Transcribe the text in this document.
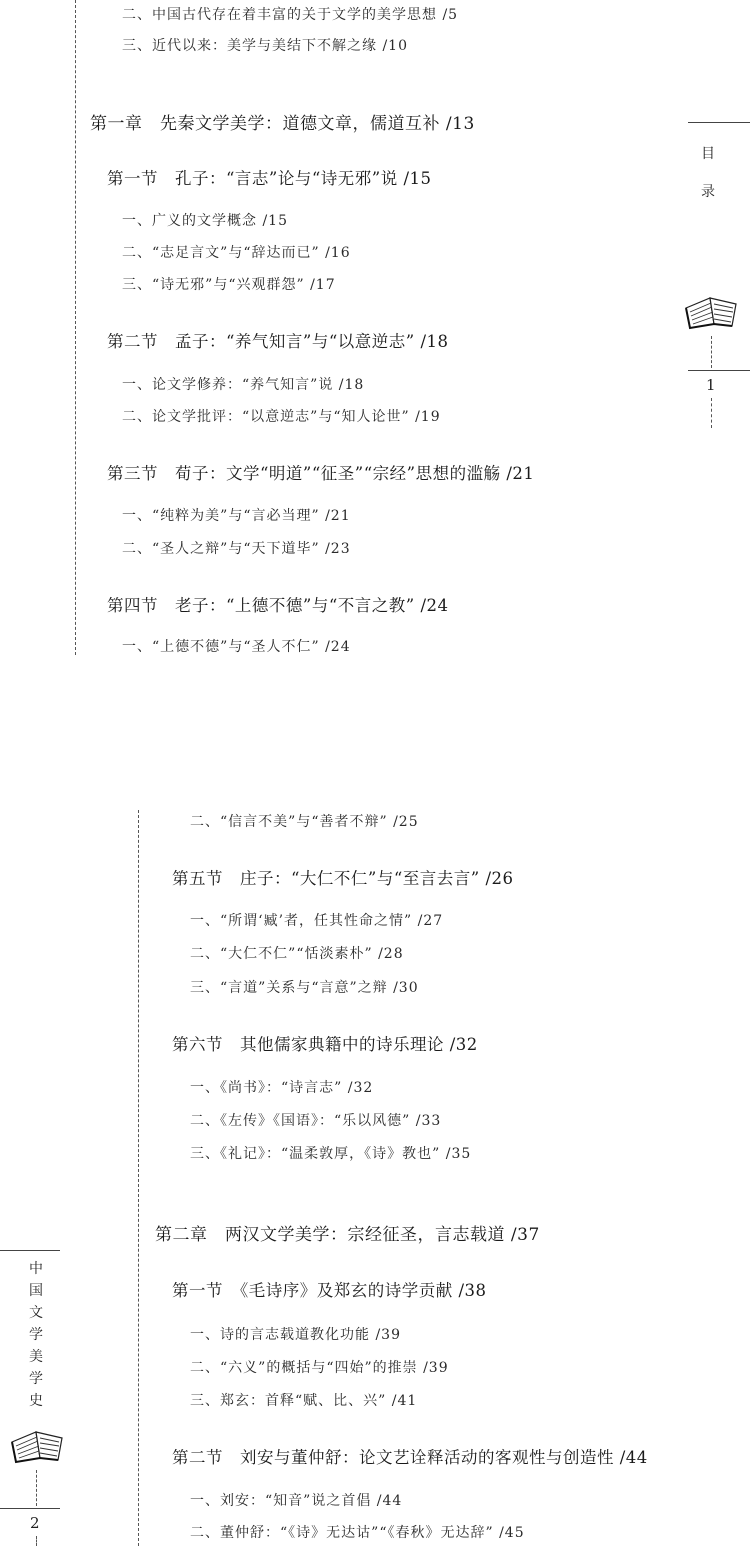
二、中国古代存在着丰富的关于文学的美学思想 /5
三、近代以来：美学与美结下不解之缘 /10
第一章　先秦文学美学：道德文章，儒道互补 /13
第一节　孔子：“言志”论与“诗无邪”说 /15
一、广义的文学概念 /15
二、“志足言文”与“辞达而已” /16
三、“诗无邪”与“兴观群怨” /17
第二节　孟子：“养气知言”与“以意逆志” /18
一、论文学修养：“养气知言”说 /18
二、论文学批评：“以意逆志”与“知人论世” /19
第三节　荀子：文学“明道”“征圣”“宗经”思想的滥觞 /21
一、“纯粹为美”与“言必当理” /21
二、“圣人之辩”与“天下道毕” /23
第四节　老子：“上德不德”与“不言之教” /24
一、“上德不德”与“圣人不仁” /24
目
录
1
二、“信言不美”与“善者不辩” /25
第五节　庄子：“大仁不仁”与“至言去言” /26
一、“所谓‘臧’者，任其性命之情” /27
二、“大仁不仁”“恬淡素朴” /28
三、“言道”关系与“言意”之辩 /30
第六节　其他儒家典籍中的诗乐理论 /32
一、《尚书》：“诗言志” /32
二、《左传》《国语》：“乐以风德” /33
三、《礼记》：“温柔敦厚，《诗》教也” /35
第二章　两汉文学美学：宗经征圣，言志载道 /37
第一节　《毛诗序》及郑玄的诗学贡献 /38
一、诗的言志载道教化功能 /39
二、“六义”的概括与“四始”的推崇 /39
三、郑玄：首释“赋、比、兴” /41
第二节　刘安与董仲舒：论文艺诠释活动的客观性与创造性 /44
一、刘安：“知音”说之首倡 /44
二、董仲舒：“《诗》无达诂”“《春秋》无达辞” /45
中
国
文
学
美
学
史
2
